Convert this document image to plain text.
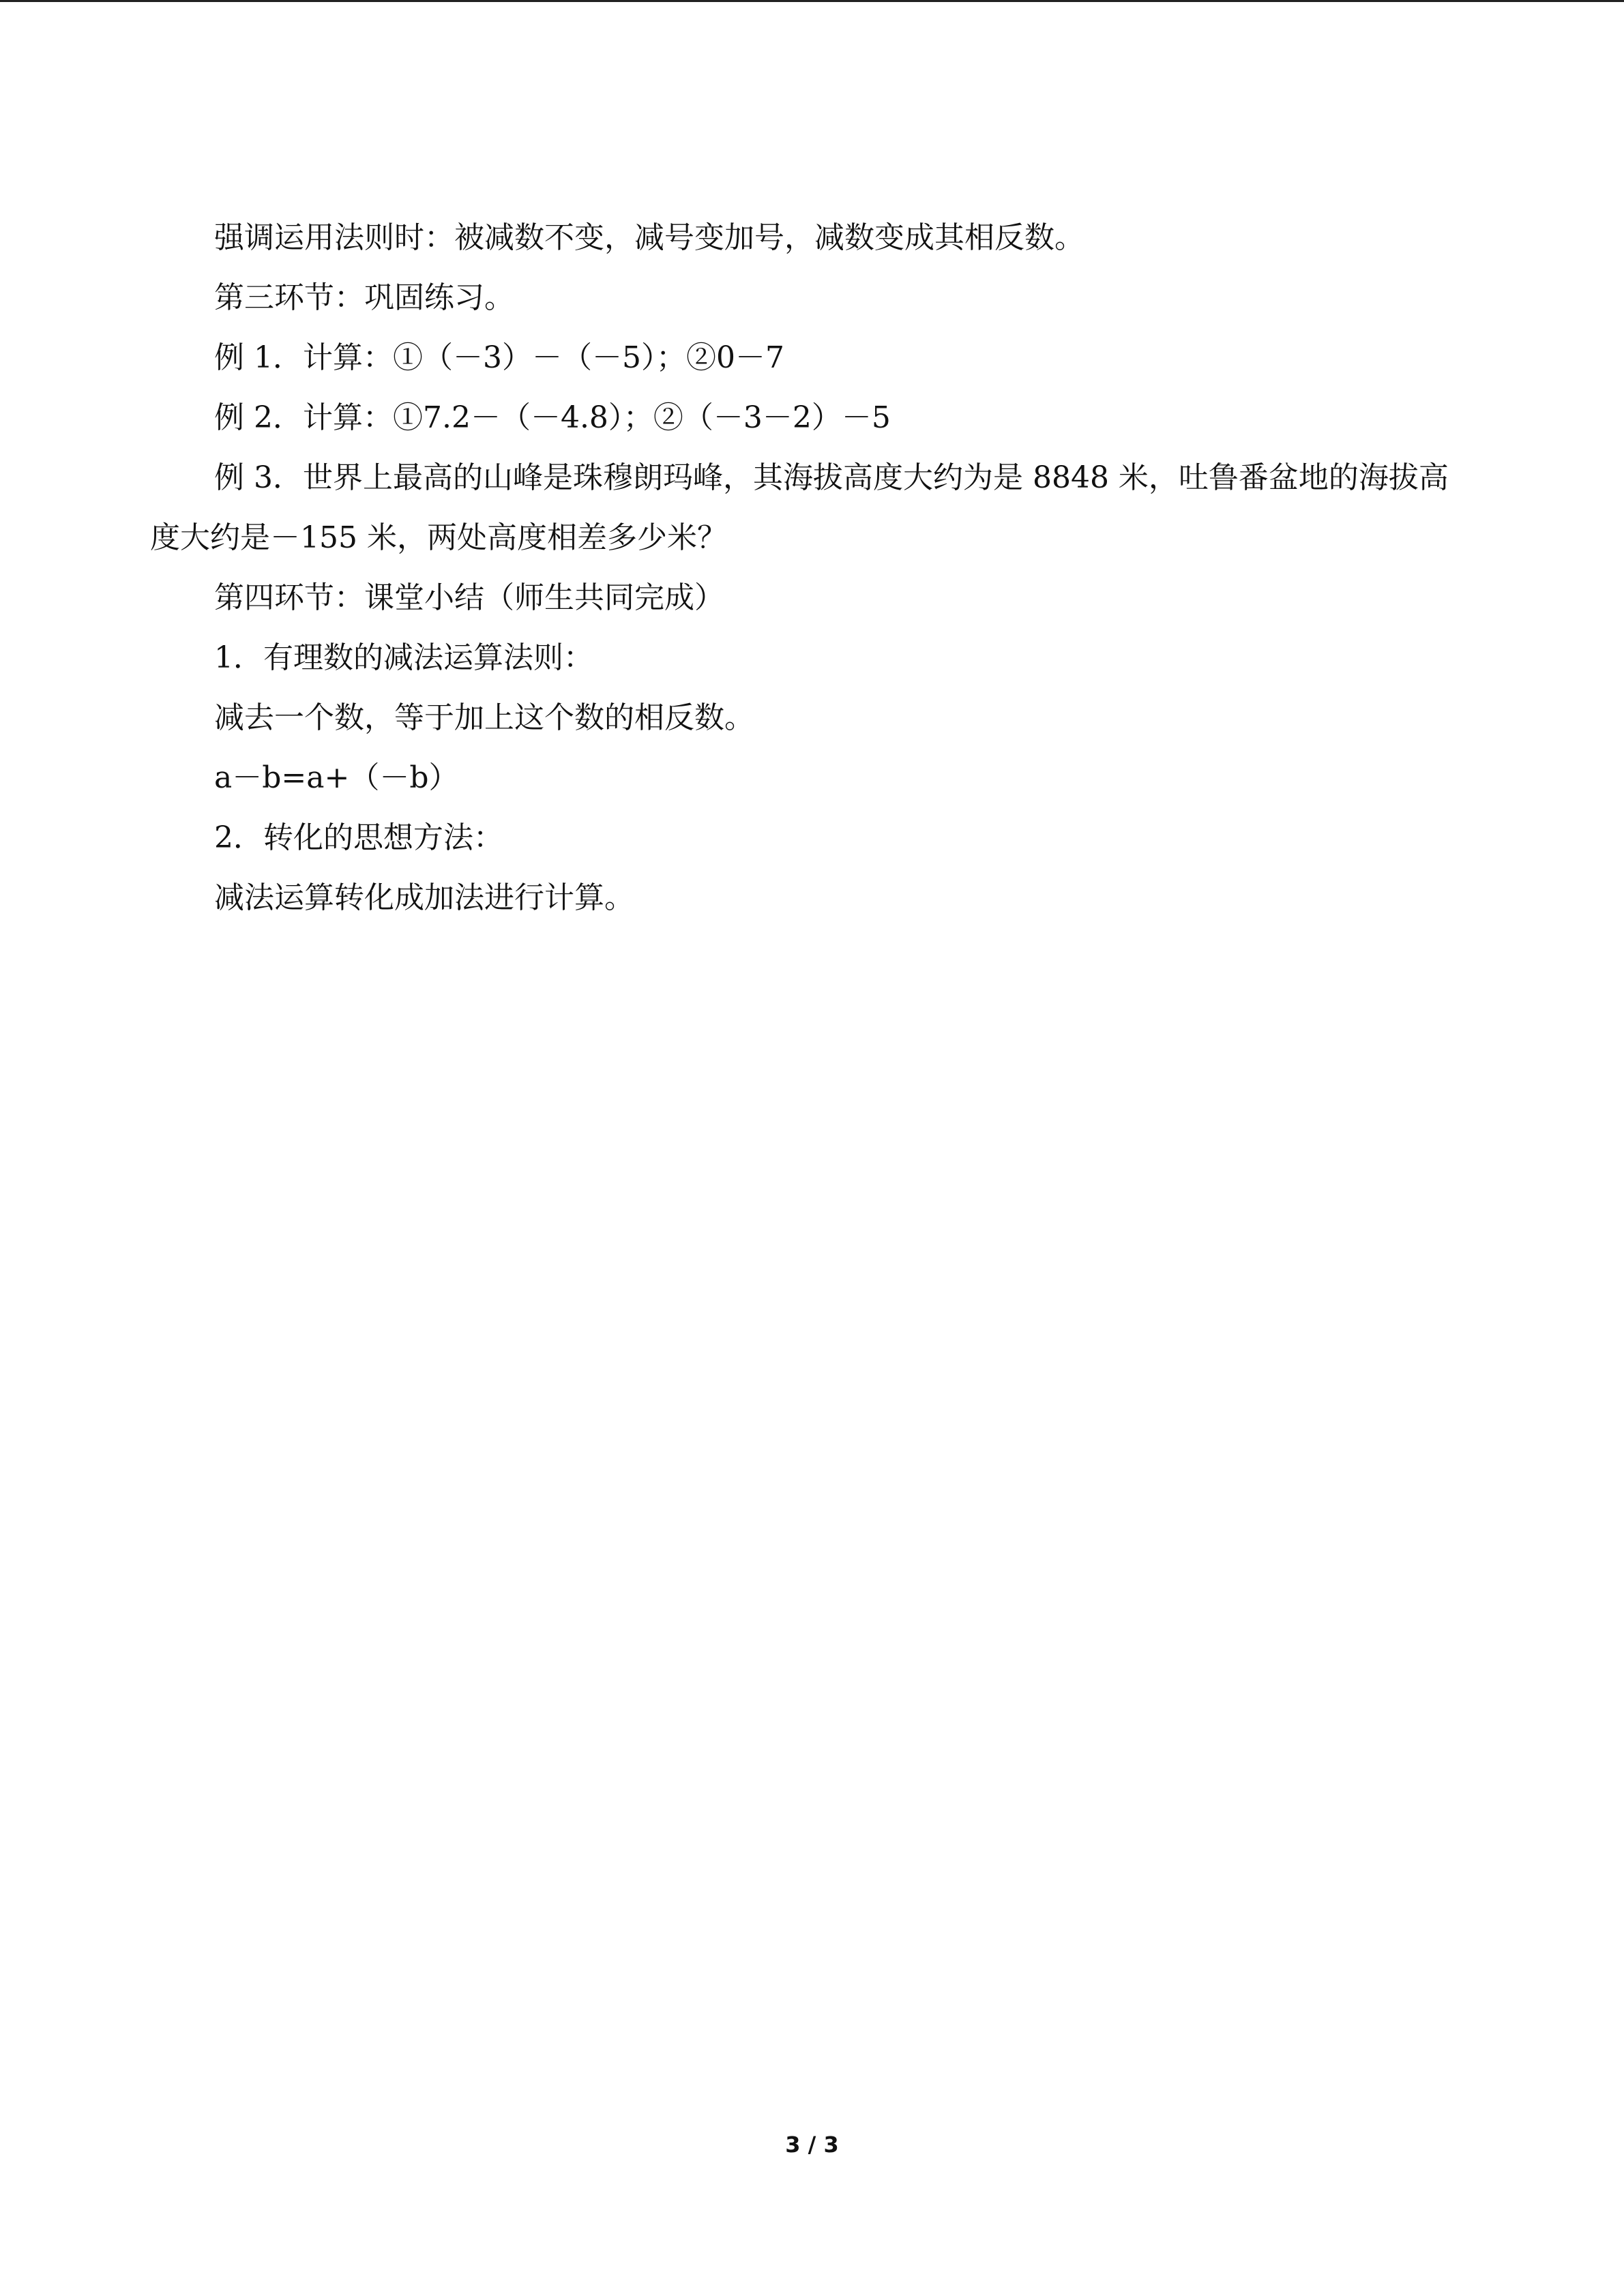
强调运用法则时：被减数不变，减号变加号，减数变成其相反数。

第三环节：巩固练习。

例 1．计算：①（－3）－（－5）；②0－7

例 2．计算：①7.2－（－4.8）；②（－3－2）－5

例 3．世界上最高的山峰是珠穆朗玛峰，其海拔高度大约为是 8848 米，吐鲁番盆地的海拔高度大约是－155 米，两处高度相差多少米？

第四环节：课堂小结（师生共同完成）

1．有理数的减法运算法则：

减去一个数，等于加上这个数的相反数。

a－b=a+（－b）

2．转化的思想方法：

减法运算转化成加法进行计算。

3 / 3
